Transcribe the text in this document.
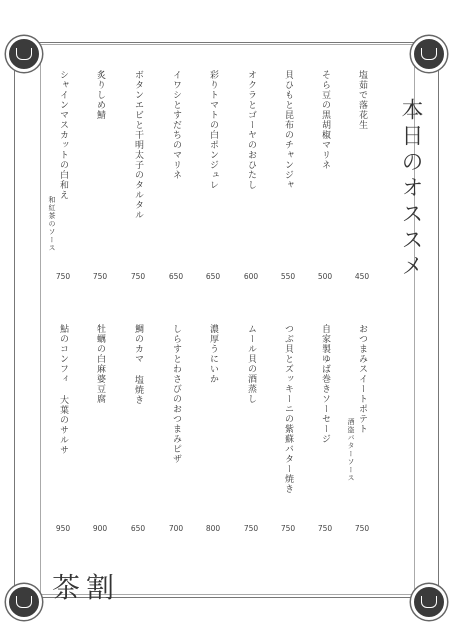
本日のオススメ
塩茹で落花生
450
そら豆の黒胡椒マリネ
500
貝ひもと昆布のチャンジャ
550
オクラとゴーヤのおひたし
600
彩りトマトの白ポンジュレ
650
イワシとすだちのマリネ
650
ボタンエビと干明太子のタルタル
750
炙りしめ鯖
750
シャインマスカットの白和え
和紅茶のソース
750
おつまみスイートポテト
酒盗バターソース
750
自家製ゆば巻きソーセージ
750
つぶ貝とズッキーニの紫蘇バター焼き
750
ムール貝の酒蒸し
750
濃厚うにいか
800
しらすとわさびのおつまみピザ
700
鯛のカマ 塩焼き
650
牡蠣の白麻婆豆腐
900
鮎のコンフィ 大葉のサルサ
950
茶割
